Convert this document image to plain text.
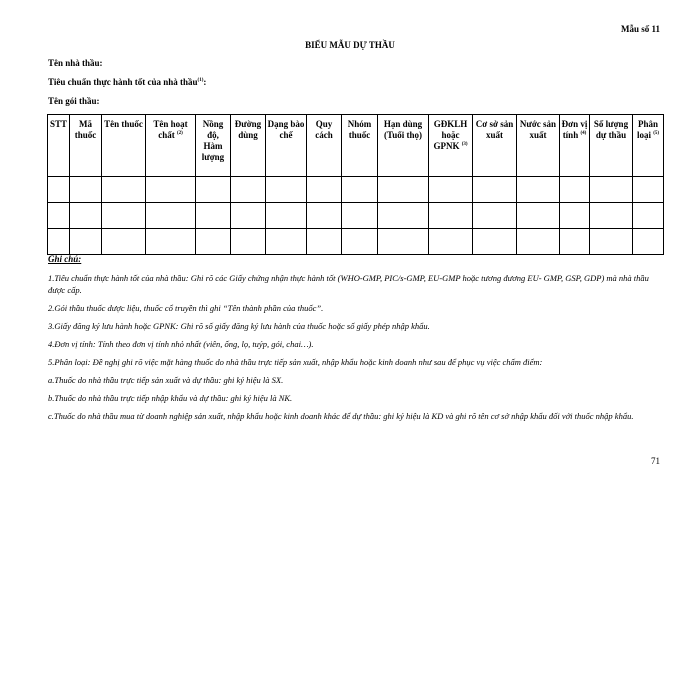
Mẫu số 11
BIỂU MẪU DỰ THẦU
Tên nhà thầu:
Tiêu chuẩn thực hành tốt của nhà thầu$^{(1)}$:
Tên gói thầu:
STT	Mã thuốc	Tên thuốc	Tên hoạt chất $^{(2)}$	Nồng độ, Hàm lượng	Đường dùng	Dạng bào chế	Quy cách	Nhóm thuốc	Hạn dùng (Tuổi thọ)	GĐKLH hoặc GPNK $^{(3)}$	Cơ sở sản xuất	Nước sản xuất	Đơn vị tính $^{(4)}$	Số lượng dự thầu	Phân loại $^{(5)}$

Ghi chú:

1.Tiêu chuẩn thực hành tốt của nhà thầu: Ghi rõ các Giấy chứng nhận thực hành tốt (WHO-GMP, PIC/s-GMP, EU-GMP hoặc tương đương EU- GMP, GSP, GDP) mà nhà thầu được cấp.

2.Gói thầu thuốc dược liệu, thuốc cổ truyền thì ghi “Tên thành phần của thuốc”.

3.Giấy đăng ký lưu hành hoặc GPNK: Ghi rõ số giấy đăng ký lưu hành của thuốc hoặc số giấy phép nhập khẩu.

4.Đơn vị tính: Tính theo đơn vị tính nhỏ nhất (viên, ống, lọ, tuýp, gói, chai…).

5.Phân loại: Đề nghị ghi rõ việc mặt hàng thuốc do nhà thầu trực tiếp sản xuất, nhập khẩu hoặc kinh doanh như sau để phục vụ việc chấm điểm:

a.Thuốc do nhà thầu trực tiếp sản xuất và dự thầu: ghi ký hiệu là SX.

b.Thuốc do nhà thầu trực tiếp nhập khẩu và dự thầu: ghi ký hiệu là NK.

c.Thuốc do nhà thầu mua từ doanh nghiệp sản xuất, nhập khẩu hoặc kinh doanh khác để dự thầu: ghi ký hiệu là KD và ghi rõ tên cơ sở nhập khẩu đối với thuốc nhập khẩu.

71
